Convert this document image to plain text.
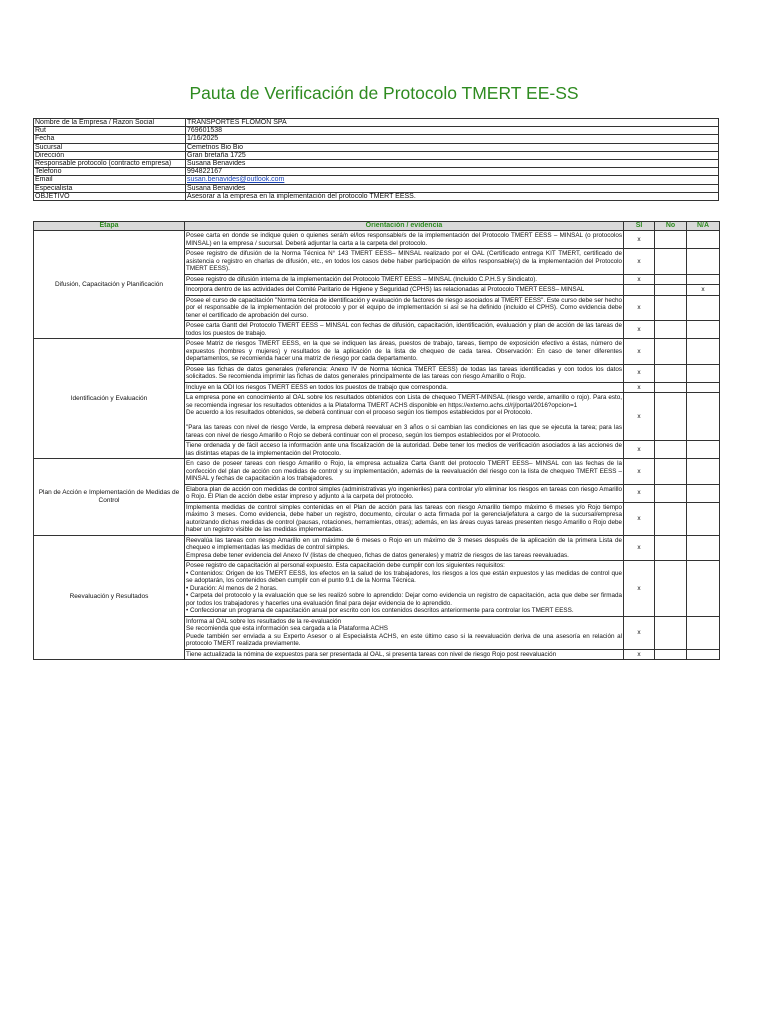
Pauta de Verificación de Protocolo TMERT EE-SS
Nombre de la Empresa / Razon Social	TRANSPORTES FLOMON SPA
Rut	769601538
Fecha	1/16/2025
Sucursal	Cemetnos Bio Bio
Dirección	Gran bretaña 1725
Responsable protocolo (contracto empresa)	Susana Benavides
Telefono	994822167
Email	susan.benavides@outlook.com
Especialista	Susana Benavides
OBJETIVO	Asesorar a la empresa en la implementación del protocolo TMERT EESS.
Etapa	Orientación / evidencia	SI	No	N/A
Difusión, Capacitación y Planificación	Posee carta en donde se indique quien o quienes será/n el/los responsable/s de la implementación del Protocolo TMERT EESS – MINSAL (o protocolos MINSAL) en la empresa / sucursal. Deberá adjuntar la carta a la carpeta del protocolo.	x		

	Posee registro de difusión de la Norma Técnica N° 143 TMERT EESS– MINSAL realizado por el OAL (Certificado entrega KIT TMERT, certificado de asistencia o registro en charlas de difusión, etc., en todos los casos debe haber participación de el/los responsable(s) de la implementación del Protocolo TMERT EESS).	x		

	Posee registro de difusión interna de la implementación del Protocolo TMERT EESS – MINSAL (Incluido C.P.H.S y Sindicato).	x		

	Incorpora dentro de las actividades del Comité Paritario de Higiene y Seguridad (CPHS) las relacionadas al Protocolo TMERT EESS– MINSAL			x

	Posee el curso de capacitación "Norma técnica de identificación y evaluación de factores de riesgo asociados al TMERT EESS". Este curso debe ser hecho por el responsable de la implementación del protocolo y por el equipo de implementación si así se ha definido (incluido el CPHS). Como evidencia debe tener el certificado de aprobación del curso.	x		

	Posee carta Gantt del Protocolo TMERT EESS – MINSAL con fechas de difusión, capacitación, identificación, evaluación y plan de acción de las tareas de todos los puestos de trabajo.	x		
Identificación y Evaluación	Posee Matriz de riesgos TMERT EESS, en la que se indiquen las áreas, puestos de trabajo, tareas, tiempo de exposición efectivo a éstas, número de expuestos (hombres y mujeres) y resultados de la aplicación de la lista de chequeo de cada tarea. Observación: En caso de tener diferentes departamentos, se recomienda hacer una matriz de riesgo por cada departamento.	x		

	Posee las fichas de datos generales (referencia: Anexo IV de Norma técnica TMERT EESS) de todas las tareas identificadas y con todos los datos solicitados. Se recomienda imprimir las fichas de datos generales principalmente de las tareas con riesgo Amarillo o Rojo.	x		

	Incluye en la ODI los riesgos TMERT EESS en todos los puestos de trabajo que corresponda.	x		

	La empresa pone en conocimiento al OAL sobre los resultados obtenidos con Lista de chequeo TMERT-MINSAL (riesgo verde, amarillo o rojo). Para esto, se recomienda ingresar los resultados obtenidos a la Plataforma TMERT ACHS disponible en https://externo.achs.cl/rj/portal/2016?opcion=1
De acuerdo a los resultados obtenidos, se deberá continuar con el proceso según los tiempos establecidos por el Protocolo.
"Para las tareas con nivel de riesgo Verde, la empresa deberá reevaluar en 3 años o si cambian las condiciones en las que se ejecuta la tarea; para las tareas con nivel de riesgo Amarillo o Rojo se deberá continuar con el proceso, según los tiempos establecidos por el Protocolo.	x		

	Tiene ordenada y de fácil acceso la información ante una fiscalización de la autoridad. Debe tener los medios de verificación asociados a las acciones de las distintas etapas de la implementación del Protocolo.	x		
Plan de Acción e Implementación de Medidas de Control	En caso de poseer tareas con riesgo Amarillo o Rojo, la empresa actualiza Carta Gantt del protocolo TMERT EESS– MINSAL con las fechas de la confección del plan de acción con medidas de control y su implementación, además de la reevaluación del riesgo con la lista de chequeo TMERT EESS – MINSAL y fechas de capacitación a los trabajadores.	x		

	Elabora plan de acción con medidas de control simples (administrativas y/o ingenieriles) para controlar y/o eliminar los riesgos en tareas con riesgo Amarillo o Rojo. El Plan de acción debe estar impreso y adjunto a la carpeta del protocolo.	x		

	Implementa medidas de control simples contenidas en el Plan de acción para las tareas con riesgo Amarillo tiempo máximo 6 meses y/o Rojo tiempo máximo 3 meses. Como evidencia, debe haber un registro, documento, circular o acta firmada por la gerencia/jefatura a cargo de la sucursal/empresa autorizando dichas medidas de control (pausas, rotaciones, herramientas, otras); además, en las áreas cuyas tareas presenten riesgo Amarillo o Rojo debe haber un registro visible de las medidas implementadas.	x		
Reevaluación y Resultados	Reevalúa las tareas con riesgo Amarillo en un máximo de 6 meses o Rojo en un máximo de 3 meses después de la aplicación de la primera Lista de chequeo e implementadas las medidas de control simples.
Empresa debe tener evidencia del Anexo IV (listas de chequeo, fichas de datos generales) y matriz de riesgos de las tareas reevaluadas.	x		

	Posee registro de capacitación al personal expuesto. Esta capacitación debe cumplir con los siguientes requisitos:
• Contenidos: Origen de los TMERT EESS, los efectos en la salud de los trabajadores, los riesgos a los que están expuestos y las medidas de control que se adoptarán, los contenidos deben cumplir con el punto 9.1 de la Norma Técnica.
• Duración: Al menos de 2 horas.
• Carpeta del protocolo y la evaluación que se les realizó sobre lo aprendido: Dejar como evidencia un registro de capacitación, acta que debe ser firmada por todos los trabajadores y hacerles una evaluación final para dejar evidencia de lo aprendido.
• Confeccionar un programa de capacitación anual por escrito con los contenidos descritos anteriormente para controlar los TMERT EESS.	x		

	Informa al OAL sobre los resultados de la re-evaluación
Se recomienda que esta información sea cargada a la Plataforma ACHS
Puede también ser enviada a su Experto Asesor o al Especialista ACHS, en este último caso si la reevaluación deriva de una asesoría en relación al protocolo TMERT realizada previamente.	x		

	Tiene actualizada la nómina de expuestos para ser presentada al OAL, si presenta tareas con nivel de riesgo Rojo post reevaluación	x		
